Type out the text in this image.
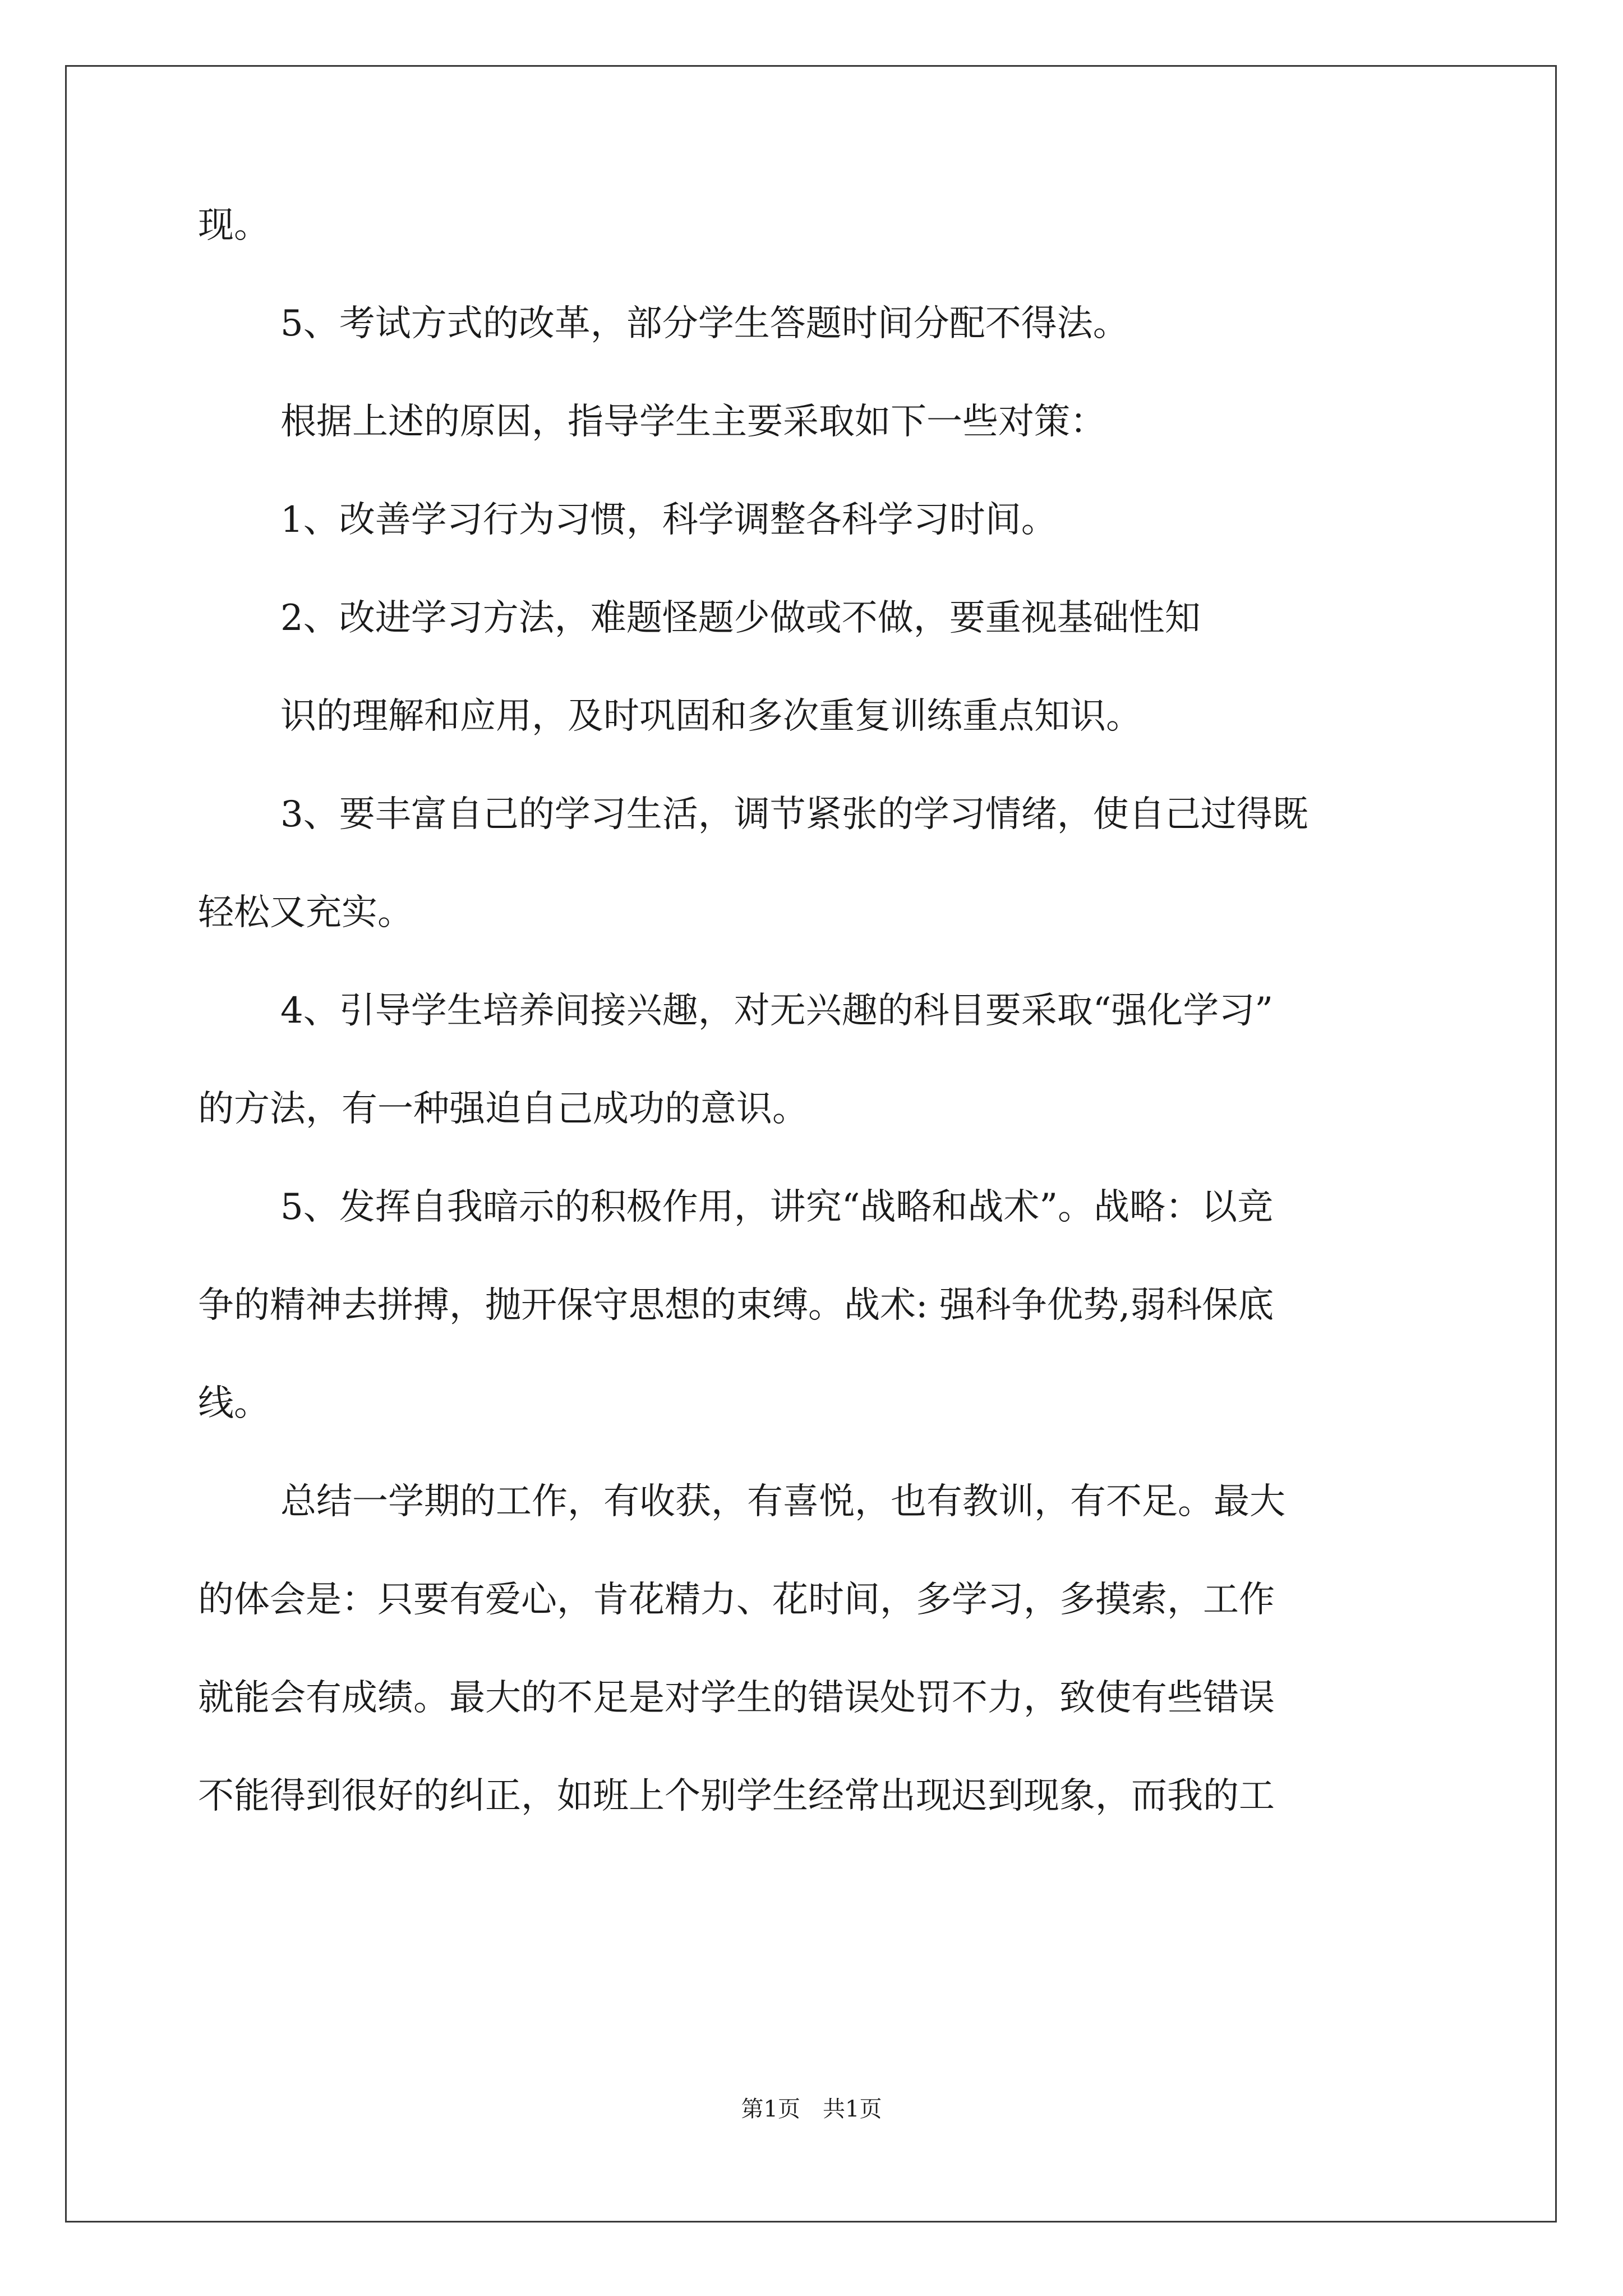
现。

5、考试方式的改革，部分学生答题时间分配不得法。

根据上述的原因，指导学生主要采取如下一些对策：

1、改善学习行为习惯，科学调整各科学习时间。

2、改进学习方法，难题怪题少做或不做，要重视基础性知

识的理解和应用，及时巩固和多次重复训练重点知识。

3、要丰富自己的学习生活，调节紧张的学习情绪，使自己过得既

轻松又充实。

4、引导学生培养间接兴趣，对无兴趣的科目要采取“强化学习”

的方法，有一种强迫自己成功的意识。

5、发挥自我暗示的积极作用，讲究“战略和战术”。战略：以竞

争的精神去拼搏，抛开保守思想的束缚。战术: 强科争优势,弱科保底

线。

总结一学期的工作，有收获，有喜悦，也有教训，有不足。最大

的体会是：只要有爱心，肯花精力、花时间，多学习，多摸索，工作

就能会有成绩。最大的不足是对学生的错误处罚不力，致使有些错误

不能得到很好的纠正，如班上个别学生经常出现迟到现象，而我的工

第1页 共1页
